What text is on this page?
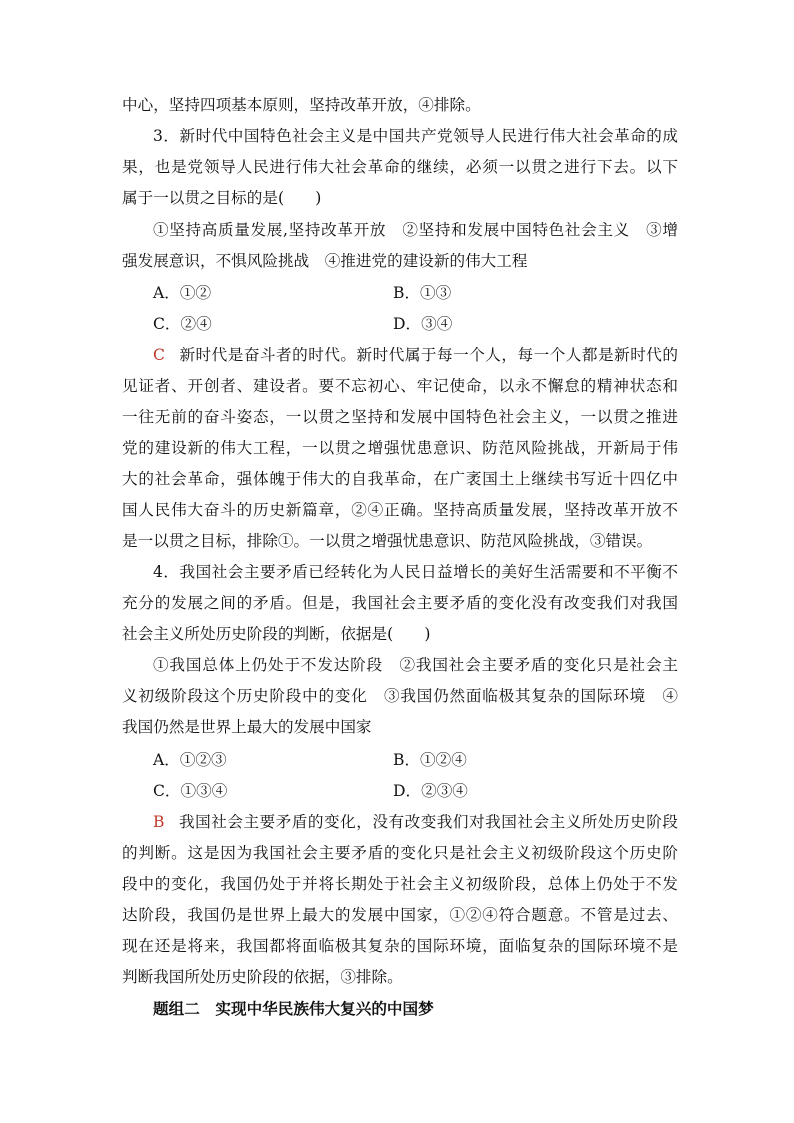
中心，坚持四项基本原则，坚持改革开放，④排除。
3．新时代中国特色社会主义是中国共产党领导人民进行伟大社会革命的成
果，也是党领导人民进行伟大社会革命的继续，必须一以贯之进行下去。以下
属于一以贯之目标的是(　　)
①坚持高质量发展,坚持改革开放　②坚持和发展中国特色社会主义　③增
强发展意识，不惧风险挑战　④推进党的建设新的伟大工程
A．①②	B．①③
C．②④	D．③④
C 新时代是奋斗者的时代。新时代属于每一个人，每一个人都是新时代的
见证者、开创者、建设者。要不忘初心、牢记使命，以永不懈怠的精神状态和
一往无前的奋斗姿态，一以贯之坚持和发展中国特色社会主义，一以贯之推进
党的建设新的伟大工程，一以贯之增强忧患意识、防范风险挑战，开新局于伟
大的社会革命，强体魄于伟大的自我革命，在广袤国土上继续书写近十四亿中
国人民伟大奋斗的历史新篇章，②④正确。坚持高质量发展，坚持改革开放不
是一以贯之目标，排除①。一以贯之增强忧患意识、防范风险挑战，③错误。
4．我国社会主要矛盾已经转化为人民日益增长的美好生活需要和不平衡不
充分的发展之间的矛盾。但是，我国社会主要矛盾的变化没有改变我们对我国
社会主义所处历史阶段的判断，依据是(　　)
①我国总体上仍处于不发达阶段　②我国社会主要矛盾的变化只是社会主
义初级阶段这个历史阶段中的变化　③我国仍然面临极其复杂的国际环境　④
我国仍然是世界上最大的发展中国家
A．①②③	B．①②④
C．①③④	D．②③④
B 我国社会主要矛盾的变化，没有改变我们对我国社会主义所处历史阶段
的判断。这是因为我国社会主要矛盾的变化只是社会主义初级阶段这个历史阶
段中的变化，我国仍处于并将长期处于社会主义初级阶段，总体上仍处于不发
达阶段，我国仍是世界上最大的发展中国家，①②④符合题意。不管是过去、
现在还是将来，我国都将面临极其复杂的国际环境，面临复杂的国际环境不是
判断我国所处历史阶段的依据，③排除。
题组二　实现中华民族伟大复兴的中国梦
